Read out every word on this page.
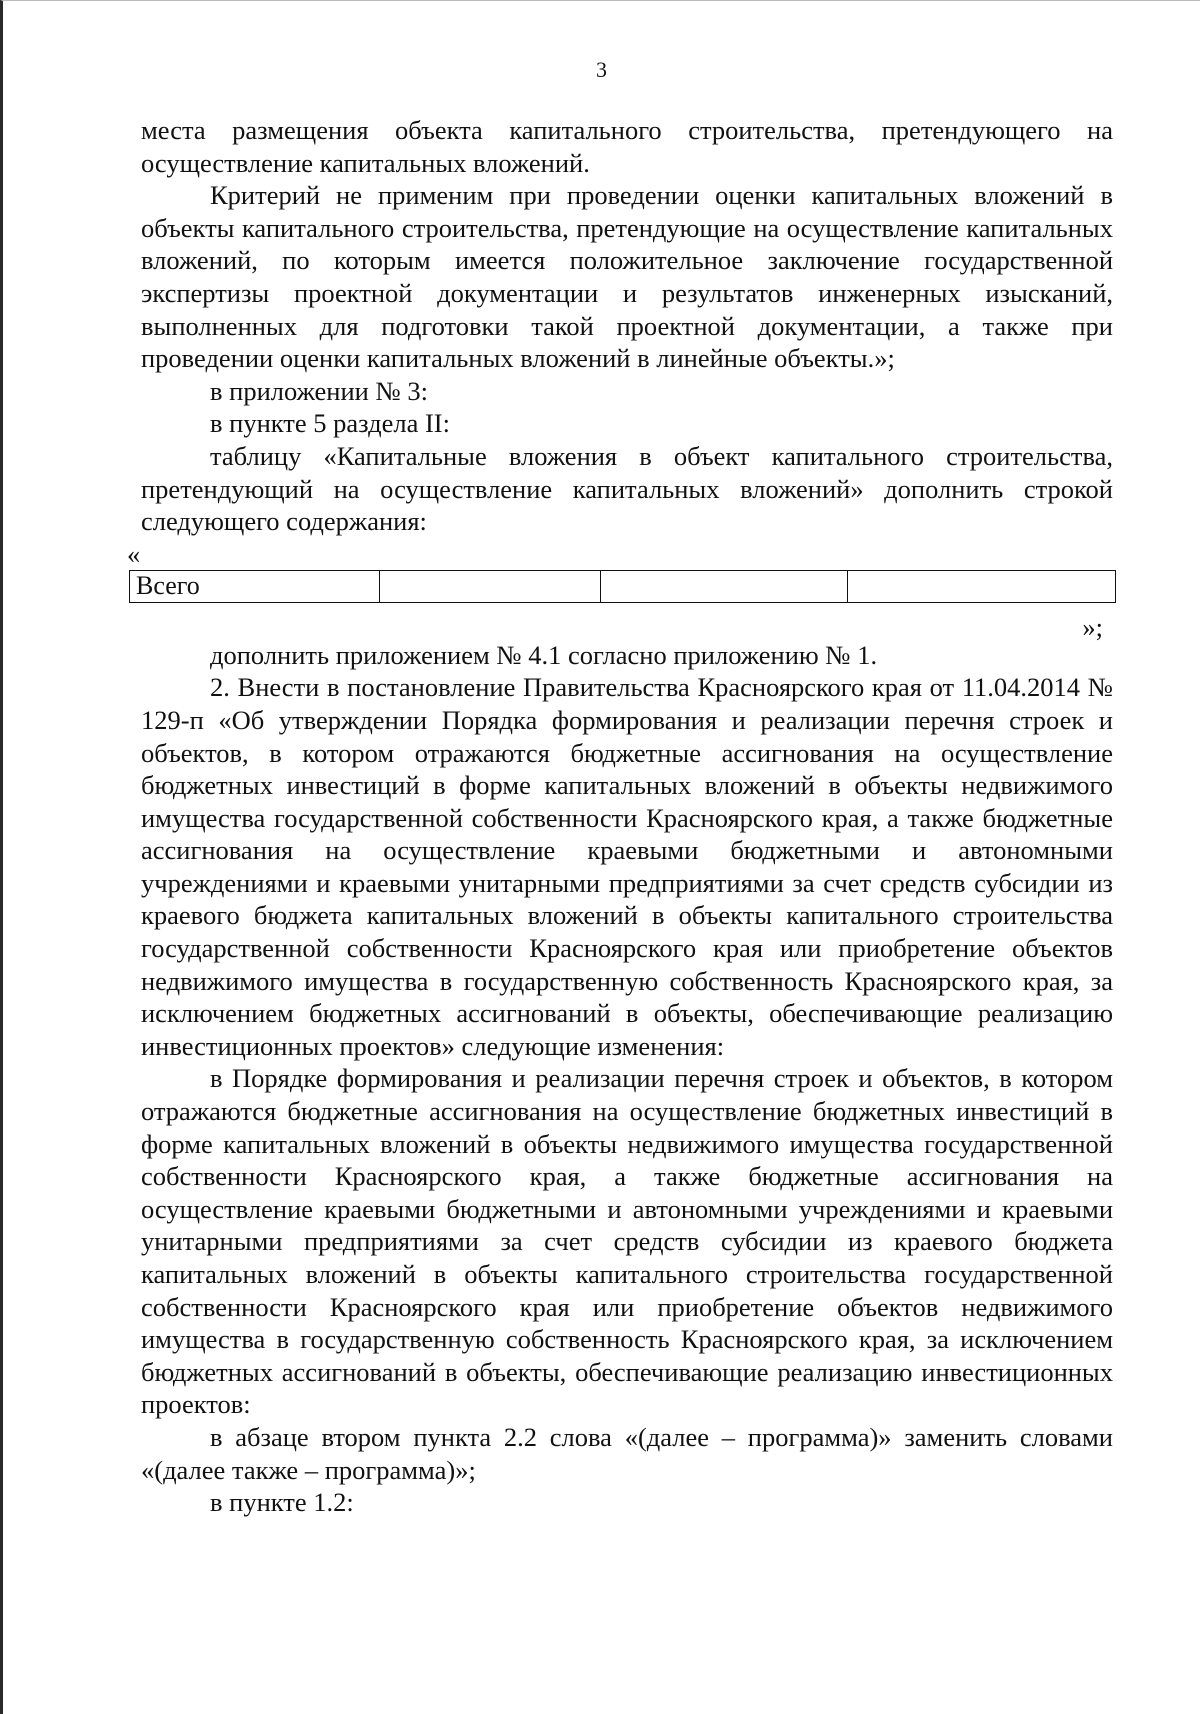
3

места размещения объекта капитального строительства, претендующего на осуществление капитальных вложений.

Критерий не применим при проведении оценки капитальных вложений в объекты капитального строительства, претендующие на осуществление капитальных вложений, по которым имеется положительное заключение государственной экспертизы проектной документации и результатов инженерных изысканий, выполненных для подготовки такой проектной документации, а также при проведении оценки капитальных вложений в линейные объекты.»;

в приложении № 3:

в пункте 5 раздела II:

таблицу «Капитальные вложения в объект капитального строительства, претендующий на осуществление капитальных вложений» дополнить строкой следующего содержания:

«

Всего			

»;

дополнить приложением № 4.1 согласно приложению № 1.

2. Внести в постановление Правительства Красноярского края от 11.04.2014 № 129-п «Об утверждении Порядка формирования и реализации перечня строек и объектов, в котором отражаются бюджетные ассигнования на осуществление бюджетных инвестиций в форме капитальных вложений в объекты недвижимого имущества государственной собственности Красноярского края, а также бюджетные ассигнования на осуществление краевыми бюджетными и автономными учреждениями и краевыми унитарными предприятиями за счет средств субсидии из краевого бюджета капитальных вложений в объекты капитального строительства государственной собственности Красноярского края или приобретение объектов недвижимого имущества в государственную собственность Красноярского края, за исключением бюджетных ассигнований в объекты, обеспечивающие реализацию инвестиционных проектов» следующие изменения:

в Порядке формирования и реализации перечня строек и объектов, в котором отражаются бюджетные ассигнования на осуществление бюджетных инвестиций в форме капитальных вложений в объекты недвижимого имущества государственной собственности Красноярского края, а также бюджетные ассигнования на осуществление краевыми бюджетными и автономными учреждениями и краевыми унитарными предприятиями за счет средств субсидии из краевого бюджета капитальных вложений в объекты капитального строительства государственной собственности Красноярского края или приобретение объектов недвижимого имущества в государственную собственность Красноярского края, за исключением бюджетных ассигнований в объекты, обеспечивающие реализацию инвестиционных проектов:

в абзаце втором пункта 2.2 слова «(далее – программа)» заменить словами «(далее также – программа)»;

в пункте 1.2:
